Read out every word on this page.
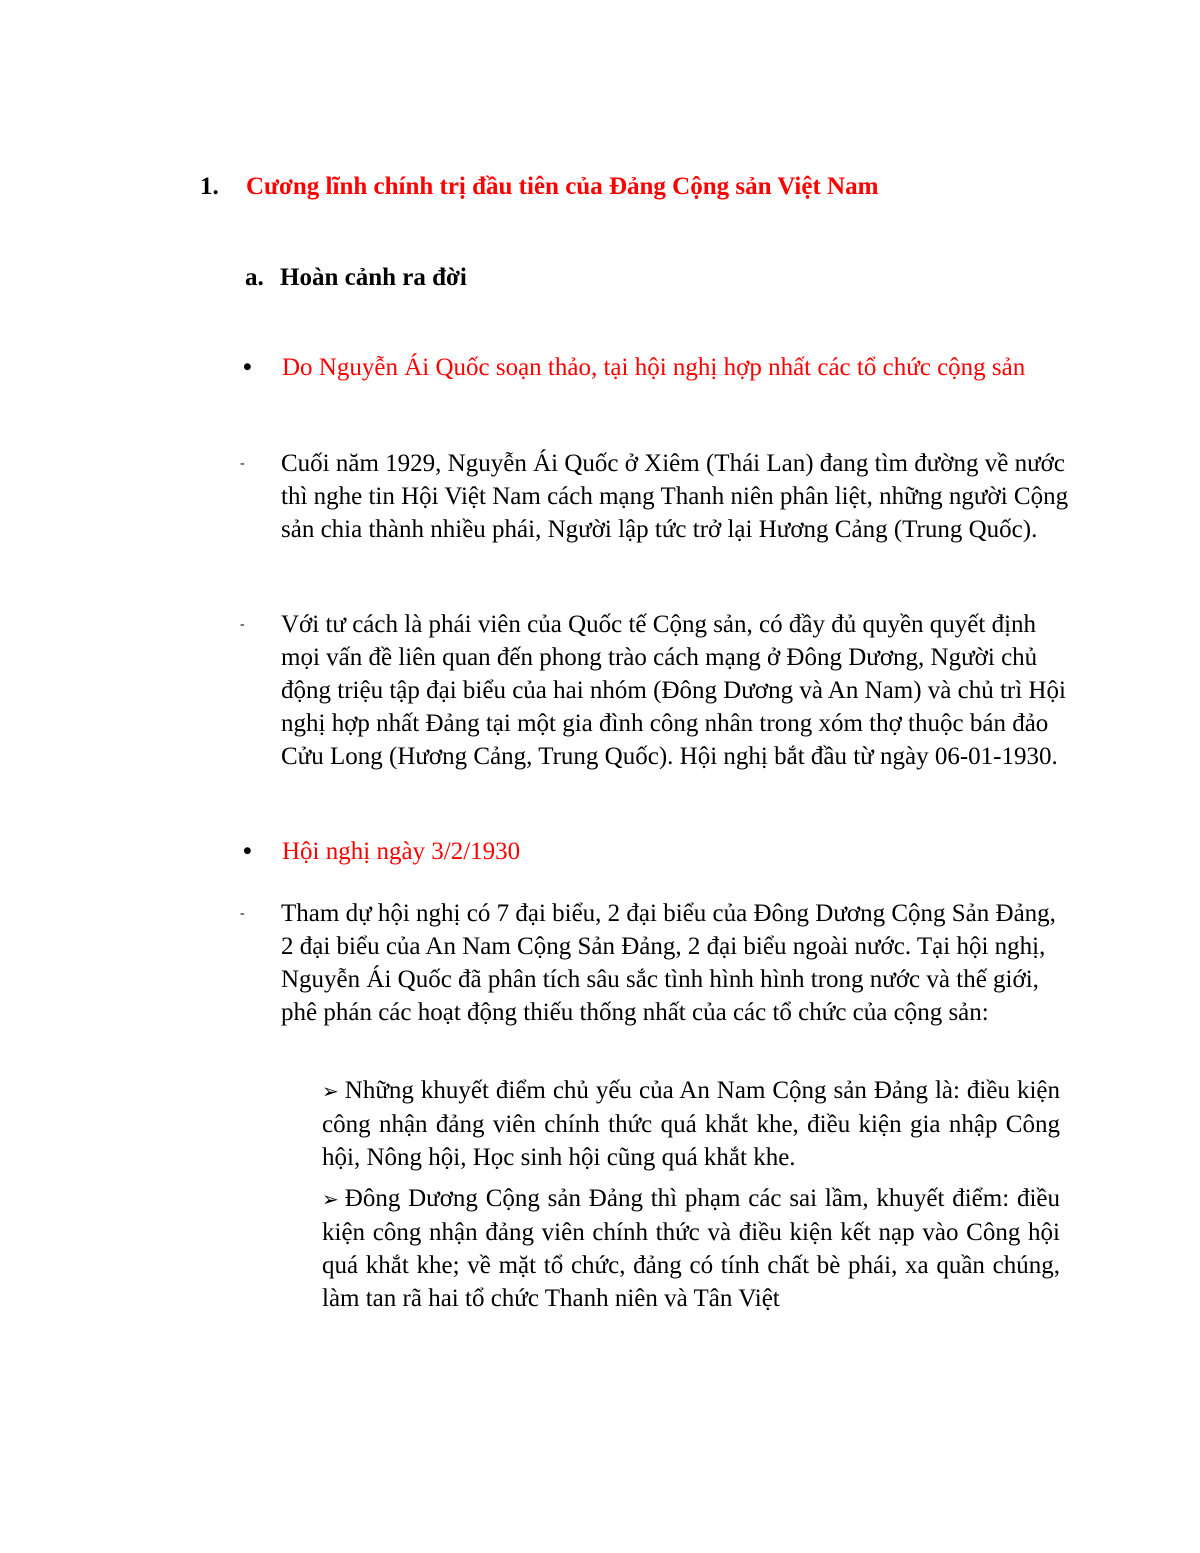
1. Cương lĩnh chính trị đầu tiên của Đảng Cộng sản Việt Nam
a. Hoàn cảnh ra đời
• Do Nguyễn Ái Quốc soạn thảo, tại hội nghị hợp nhất các tổ chức cộng sản
- Cuối năm 1929, Nguyễn Ái Quốc ở Xiêm (Thái Lan) đang tìm đường về nước thì nghe tin Hội Việt Nam cách mạng Thanh niên phân liệt, những người Cộng sản chia thành nhiều phái, Người lập tức trở lại Hương Cảng (Trung Quốc).
- Với tư cách là phái viên của Quốc tế Cộng sản, có đầy đủ quyền quyết định mọi vấn đề liên quan đến phong trào cách mạng ở Đông Dương, Người chủ động triệu tập đại biểu của hai nhóm (Đông Dương và An Nam) và chủ trì Hội nghị hợp nhất Đảng tại một gia đình công nhân trong xóm thợ thuộc bán đảo Cửu Long (Hương Cảng, Trung Quốc). Hội nghị bắt đầu từ ngày 06-01-1930.
• Hội nghị ngày 3/2/1930
- Tham dự hội nghị có 7 đại biểu, 2 đại biểu của Đông Dương Cộng Sản Đảng, 2 đại biểu của An Nam Cộng Sản Đảng, 2 đại biểu ngoài nước. Tại hội nghị, Nguyễn Ái Quốc đã phân tích sâu sắc tình hình hình trong nước và thế giới, phê phán các hoạt động thiếu thống nhất của các tổ chức của cộng sản:
➢ Những khuyết điểm chủ yếu của An Nam Cộng sản Đảng là: điều kiện công nhận đảng viên chính thức quá khắt khe, điều kiện gia nhập Công hội, Nông hội, Học sinh hội cũng quá khắt khe.
➢ Đông Dương Cộng sản Đảng thì phạm các sai lầm, khuyết điểm: điều kiện công nhận đảng viên chính thức và điều kiện kết nạp vào Công hội quá khắt khe; về mặt tổ chức, đảng có tính chất bè phái, xa quần chúng, làm tan rã hai tổ chức Thanh niên và Tân Việt
